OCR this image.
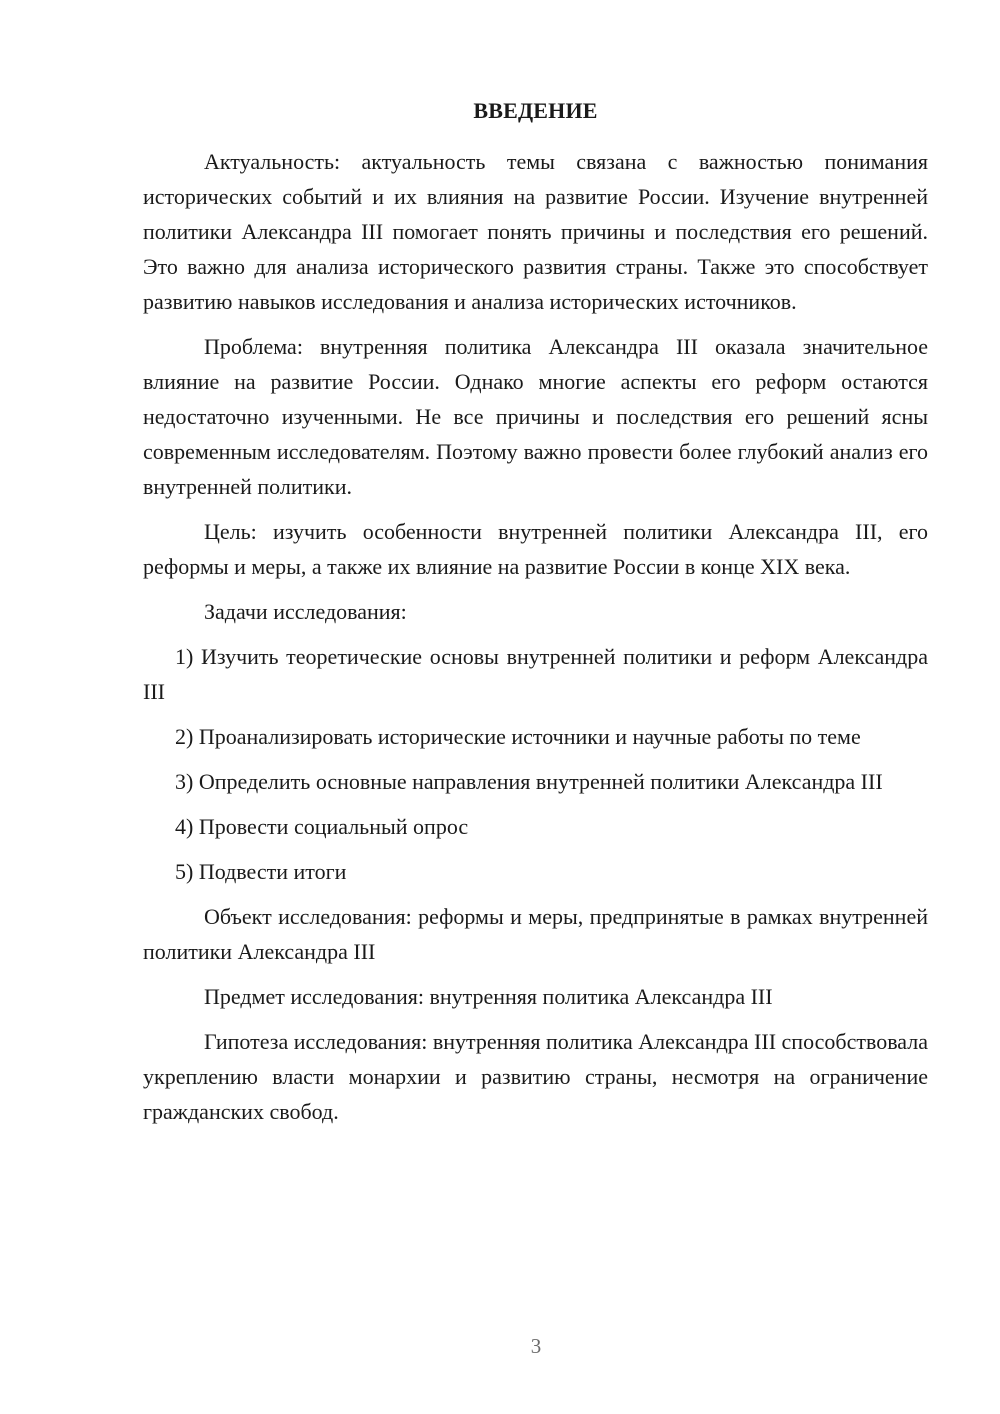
ВВЕДЕНИЕ

Актуальность: актуальность темы связана с важностью понимания исторических событий и их влияния на развитие России. Изучение внутренней политики Александра III помогает понять причины и последствия его решений. Это важно для анализа исторического развития страны. Также это способствует развитию навыков исследования и анализа исторических источников.

Проблема: внутренняя политика Александра III оказала значительное влияние на развитие России. Однако многие аспекты его реформ остаются недостаточно изученными. Не все причины и последствия его решений ясны современным исследователям. Поэтому важно провести более глубокий анализ его внутренней политики.

Цель: изучить особенности внутренней политики Александра III, его реформы и меры, а также их влияние на развитие России в конце XIX века.

Задачи исследования:

1) Изучить теоретические основы внутренней политики и реформ Александра III

2) Проанализировать исторические источники и научные работы по теме

3) Определить основные направления внутренней политики Александра III

4) Провести социальный опрос

5) Подвести итоги

Объект исследования: реформы и меры, предпринятые в рамках внутренней политики Александра III

Предмет исследования: внутренняя политика Александра III

Гипотеза исследования: внутренняя политика Александра III способствовала укреплению власти монархии и развитию страны, несмотря на ограничение гражданских свобод.

3
